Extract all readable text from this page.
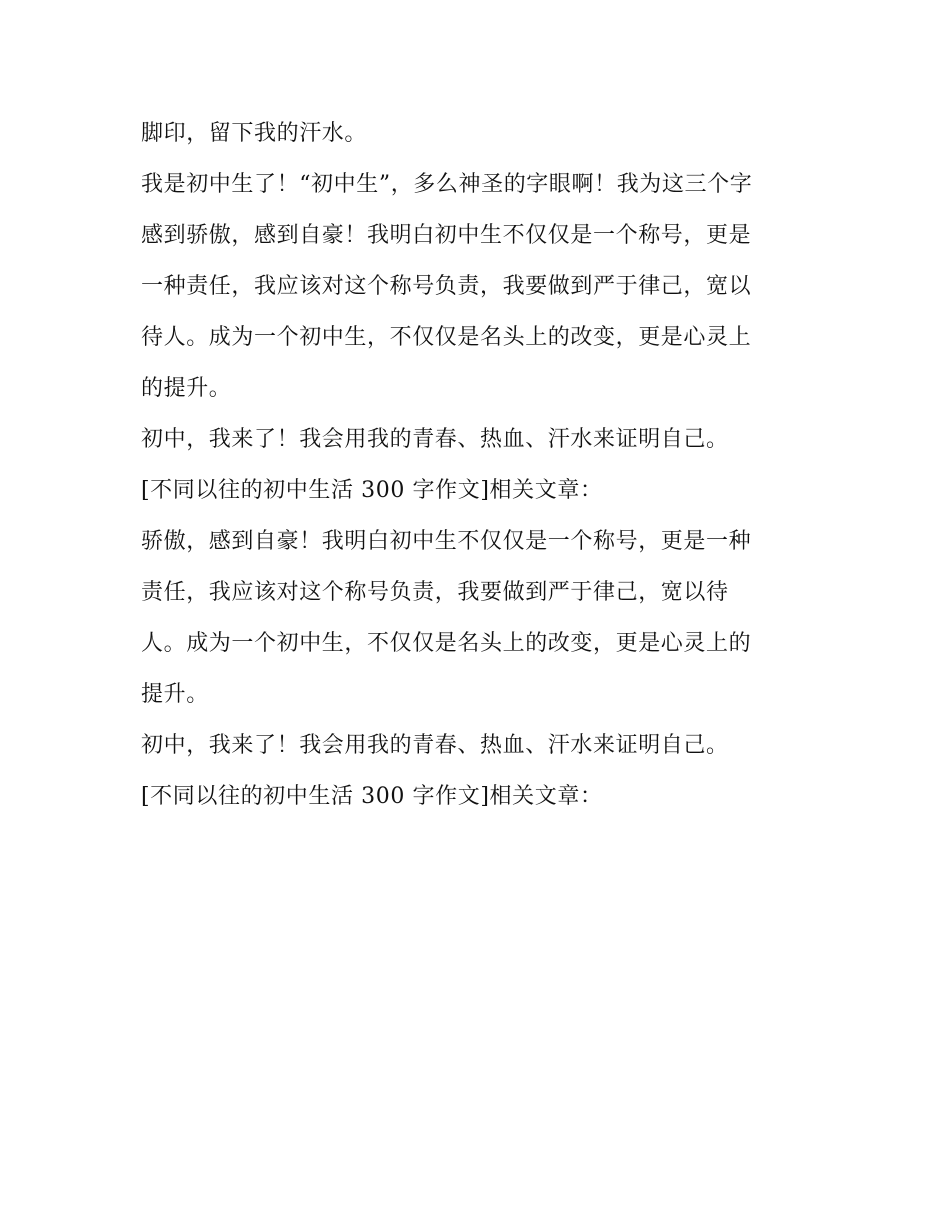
脚印，留下我的汗水。

我是初中生了！“初中生”，多么神圣的字眼啊！我为这三个字

感到骄傲，感到自豪！我明白初中生不仅仅是一个称号，更是

一种责任，我应该对这个称号负责，我要做到严于律己，宽以

待人。成为一个初中生，不仅仅是名头上的改变，更是心灵上

的提升。

初中，我来了！我会用我的青春、热血、汗水来证明自己。

[不同以往的初中生活 300 字作文]相关文章：

骄傲，感到自豪！我明白初中生不仅仅是一个称号，更是一种

责任，我应该对这个称号负责，我要做到严于律己，宽以待

人。成为一个初中生，不仅仅是名头上的改变，更是心灵上的

提升。

初中，我来了！我会用我的青春、热血、汗水来证明自己。

[不同以往的初中生活 300 字作文]相关文章：
